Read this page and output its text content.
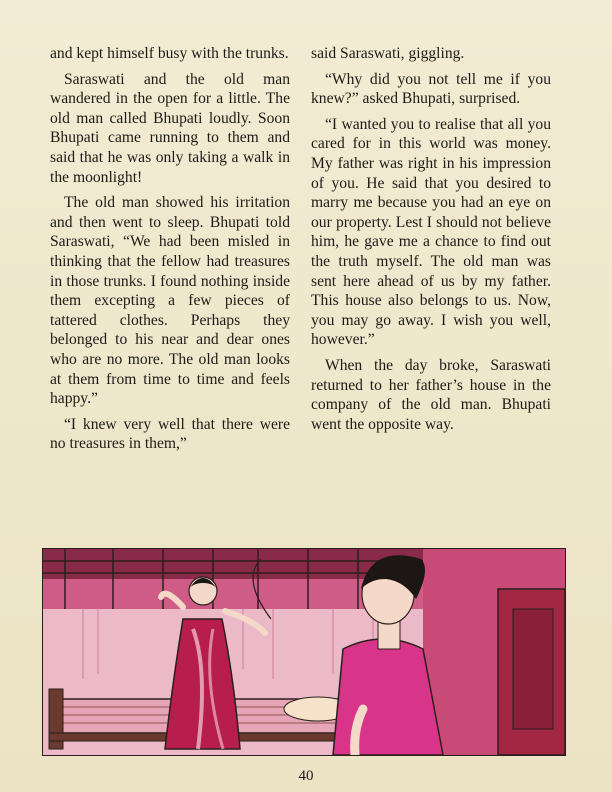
and kept himself busy with the trunks.

Saraswati and the old man wandered in the open for a little. The old man called Bhupati loudly. Soon Bhupati came running to them and said that he was only taking a walk in the moonlight!

The old man showed his irritation and then went to sleep. Bhupati told Saraswati, “We had been misled in thinking that the fellow had treasures in those trunks. I found nothing inside them excepting a few pieces of tattered clothes. Perhaps they belonged to his near and dear ones who are no more. The old man looks at them from time to time and feels happy.”

“I knew very well that there were no treasures in them,”

said Saraswati, giggling.

“Why did you not tell me if you knew?” asked Bhupati, surprised.

“I wanted you to realise that all you cared for in this world was money. My father was right in his impression of you. He said that you desired to marry me because you had an eye on our property. Lest I should not believe him, he gave me a chance to find out the truth myself. The old man was sent here ahead of us by my father. This house also belongs to us. Now, you may go away. I wish you well, however.”

When the day broke, Saraswati returned to her father’s house in the company of the old man. Bhupati went the opposite way.

40
